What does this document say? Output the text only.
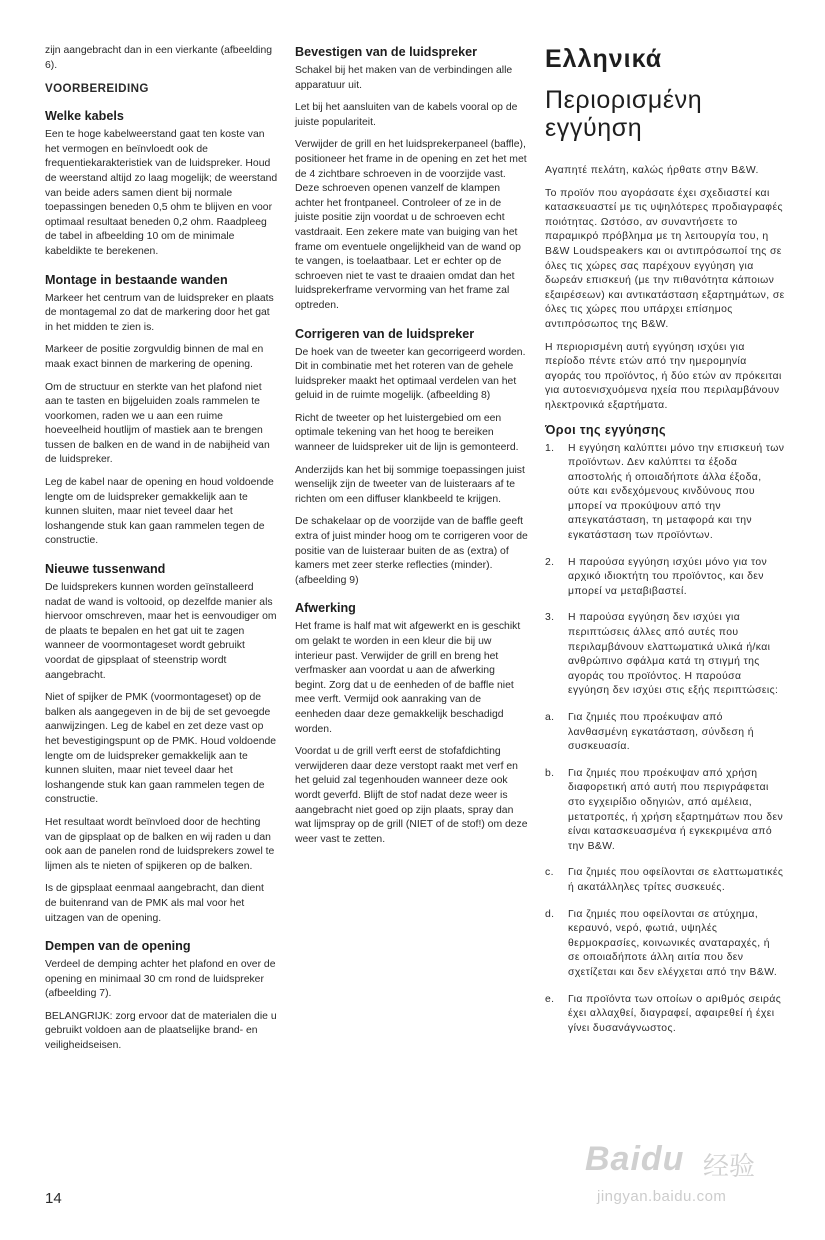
zijn aangebracht dan in een vierkante (afbeelding 6).

VOORBEREIDING
Welke kabels

Een te hoge kabelweerstand gaat ten koste van het vermogen en beïnvloedt ook de frequentiekarakteristiek van de luidspreker. Houd de weerstand altijd zo laag mogelijk; de weerstand van beide aders samen dient bij normale toepassingen beneden 0,5 ohm te blijven en voor optimaal resultaat beneden 0,2 ohm. Raadpleeg de tabel in afbeelding 10 om de minimale kabeldikte te berekenen.

Montage in bestaande wanden

Markeer het centrum van de luidspreker en plaats de montagemal zo dat de markering door het gat in het midden te zien is.

Markeer de positie zorgvuldig binnen de mal en maak exact binnen de markering de opening.

Om de structuur en sterkte van het plafond niet aan te tasten en bijgeluiden zoals rammelen te voorkomen, raden we u aan een ruime hoeveelheid houtlijm of mastiek aan te brengen tussen de balken en de wand in de nabijheid van de luidspreker.

Leg de kabel naar de opening en houd voldoende lengte om de luidspreker gemakkelijk aan te kunnen sluiten, maar niet teveel daar het loshangende stuk kan gaan rammelen tegen de constructie.

Nieuwe tussenwand

De luidsprekers kunnen worden geïnstalleerd nadat de wand is voltooid, op dezelfde manier als hiervoor omschreven, maar het is eenvoudiger om de plaats te bepalen en het gat uit te zagen wanneer de voormontageset wordt gebruikt voordat de gipsplaat of steenstrip wordt aangebracht.

Niet of spijker de PMK (voormontageset) op de balken als aangegeven in de bij de set gevoegde aanwijzingen. Leg de kabel en zet deze vast op het bevestigingspunt op de PMK. Houd voldoende lengte om de luidspreker gemakkelijk aan te kunnen sluiten, maar niet teveel daar het loshangende stuk kan gaan rammelen tegen de constructie.

Het resultaat wordt beïnvloed door de hechting van de gipsplaat op de balken en wij raden u dan ook aan de panelen rond de luidsprekers zowel te lijmen als te nieten of spijkeren op de balken.

Is de gipsplaat eenmaal aangebracht, dan dient de buitenrand van de PMK als mal voor het uitzagen van de opening.

Dempen van de opening

Verdeel de demping achter het plafond en over de opening en minimaal 30 cm rond de luidspreker (afbeelding 7).

BELANGRIJK: zorg ervoor dat de materialen die u gebruikt voldoen aan de plaatselijke brand- en veiligheidseisen.

Bevestigen van de luidspreker

Schakel bij het maken van de verbindingen alle apparatuur uit.

Let bij het aansluiten van de kabels vooral op de juiste populariteit.

Verwijder de grill en het luidsprekerpaneel (baffle), positioneer het frame in de opening en zet het met de 4 zichtbare schroeven in de voorzijde vast. Deze schroeven openen vanzelf de klampen achter het frontpaneel. Controleer of ze in de juiste positie zijn voordat u de schroeven echt vastdraait. Een zekere mate van buiging van het frame om eventuele ongelijkheid van de wand op te vangen, is toelaatbaar. Let er echter op de schroeven niet te vast te draaien omdat dan het luidsprekerframe vervorming van het frame zal optreden.

Corrigeren van de luidspreker

De hoek van de tweeter kan gecorrigeerd worden. Dit in combinatie met het roteren van de gehele luidspreker maakt het optimaal verdelen van het geluid in de ruimte mogelijk. (afbeelding 8)

Richt de tweeter op het luistergebied om een optimale tekening van het hoog te bereiken wanneer de luidspreker uit de lijn is gemonteerd.

Anderzijds kan het bij sommige toepassingen juist wenselijk zijn de tweeter van de luisteraars af te richten om een diffuser klankbeeld te krijgen.

De schakelaar op de voorzijde van de baffle geeft extra of juist minder hoog om te corrigeren voor de positie van de luisteraar buiten de as (extra) of kamers met zeer sterke reflecties (minder). (afbeelding 9)

Afwerking

Het frame is half mat wit afgewerkt en is geschikt om gelakt te worden in een kleur die bij uw interieur past. Verwijder de grill en breng het verfmasker aan voordat u aan de afwerking begint. Zorg dat u de eenheden of de baffle niet mee verft. Vermijd ook aanraking van de eenheden daar deze gemakkelijk beschadigd worden.

Voordat u de grill verft eerst de stofafdichting verwijderen daar deze verstopt raakt met verf en het geluid zal tegenhouden wanneer deze ook wordt geverfd. Blijft de stof nadat deze weer is aangebracht niet goed op zijn plaats, spray dan wat lijmspray op de grill (NIET of de stof!) om deze weer vast te zetten.

Ελληνικά
Περιορισμένη εγγύηση

Αγαπητέ πελάτη, καλώς ήρθατε στην B&W.

Το προϊόν που αγοράσατε έχει σχεδιαστεί και κατασκευαστεί με τις υψηλότερες προδιαγραφές ποιότητας. Ωστόσο, αν συναντήσετε το παραμικρό πρόβλημα με τη λειτουργία του, η B&W Loudspeakers και οι αντιπρόσωποί της σε όλες τις χώρες σας παρέχουν εγγύηση για δωρεάν επισκευή (με την πιθανότητα κάποιων εξαιρέσεων) και αντικατάσταση εξαρτημάτων, σε όλες τις χώρες που υπάρχει επίσημος αντιπρόσωπος της B&W.

Η περιορισμένη αυτή εγγύηση ισχύει για περίοδο πέντε ετών από την ημερομηνία αγοράς του προϊόντος, ή δύο ετών αν πρόκειται για αυτοενισχυόμενα ηχεία που περιλαμβάνουν ηλεκτρονικά εξαρτήματα.

Όροι της εγγύησης
1. Η εγγύηση καλύπτει μόνο την επισκευή των προϊόντων. Δεν καλύπτει τα έξοδα αποστολής ή οποιαδήποτε άλλα έξοδα, ούτε και ενδεχόμενους κινδύνους που μπορεί να προκύψουν από την απεγκατάσταση, τη μεταφορά και την εγκατάσταση των προϊόντων.
2. Η παρούσα εγγύηση ισχύει μόνο για τον αρχικό ιδιοκτήτη του προϊόντος, και δεν μπορεί να μεταβιβαστεί.
3. Η παρούσα εγγύηση δεν ισχύει για περιπτώσεις άλλες από αυτές που περιλαμβάνουν ελαττωματικά υλικά ή/και ανθρώπινο σφάλμα κατά τη στιγμή της αγοράς του προϊόντος. Η παρούσα εγγύηση δεν ισχύει στις εξής περιπτώσεις:
a. Για ζημιές που προέκυψαν από λανθασμένη εγκατάσταση, σύνδεση ή συσκευασία.
b. Για ζημιές που προέκυψαν από χρήση διαφορετική από αυτή που περιγράφεται στο εγχειρίδιο οδηγιών, από αμέλεια, μετατροπές, ή χρήση εξαρτημάτων που δεν είναι κατασκευασμένα ή εγκεκριμένα από την B&W.
c. Για ζημιές που οφείλονται σε ελαττωματικές ή ακατάλληλες τρίτες συσκευές.
d. Για ζημιές που οφείλονται σε ατύχημα, κεραυνό, νερό, φωτιά, υψηλές θερμοκρασίες, κοινωνικές αναταραχές, ή σε οποιαδήποτε άλλη αιτία που δεν σχετίζεται και δεν ελέγχεται από την B&W.
e. Για προϊόντα των οποίων ο αριθμός σειράς έχει αλλαχθεί, διαγραφεί, αφαιρεθεί ή έχει γίνει δυσανάγνωστος.
14
Baidu 经验
jingyan.baidu.com
